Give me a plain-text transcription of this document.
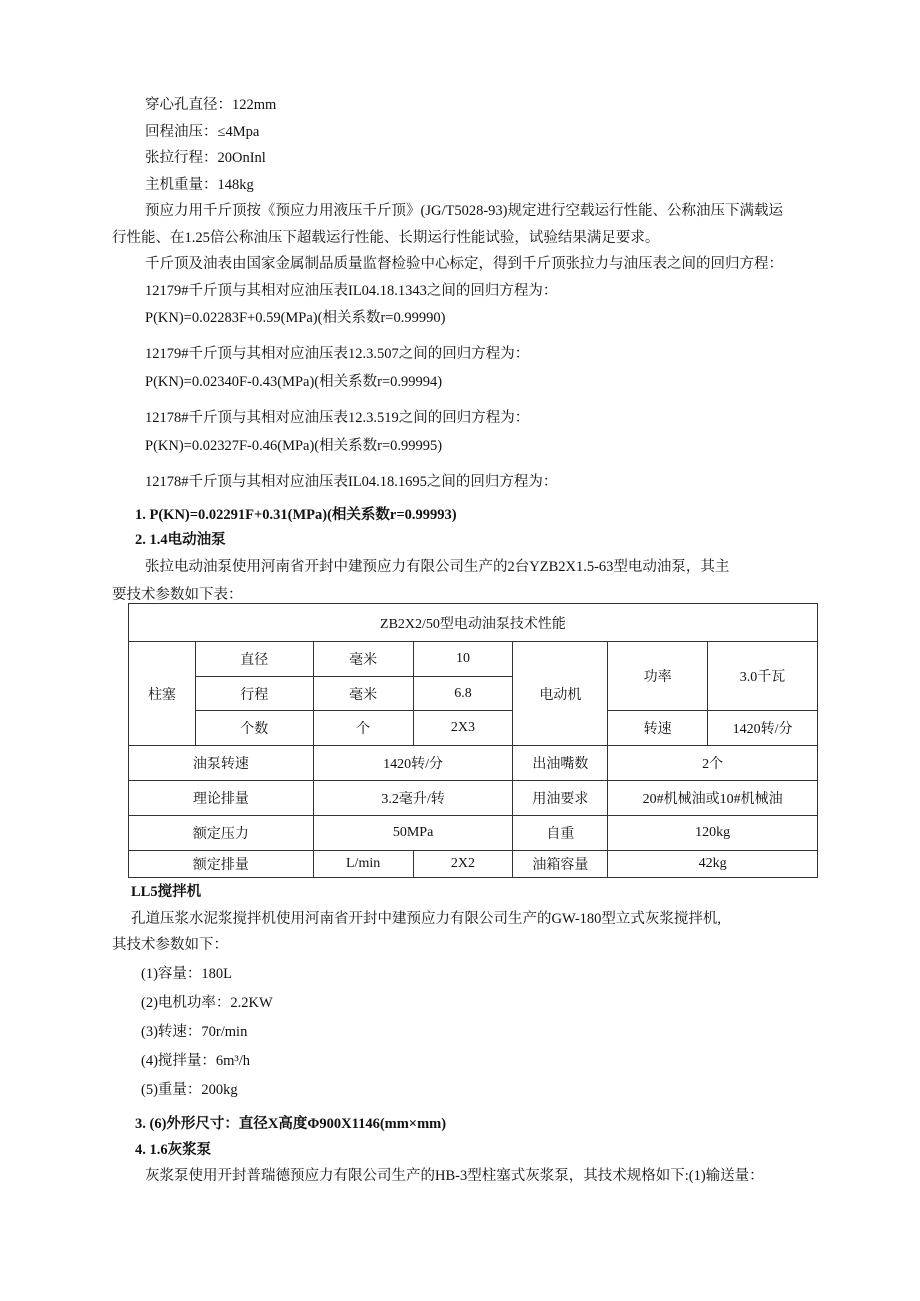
穿心孔直径：122mm
回程油压：≤4Mpa
张拉行程：20OnInl
主机重量：148kg
预应力用千斤顶按《预应力用液压千斤顶》(JG/T5028-93)规定进行空载运行性能、公称油压下满载运
行性能、在1.25倍公称油压下超载运行性能、长期运行性能试验，试验结果满足要求。
千斤顶及油表由国家金属制品质量监督检验中心标定，得到千斤顶张拉力与油压表之间的回归方程：
12179#千斤顶与其相对应油压表IL04.18.1343之间的回归方程为：
P(KN)=0.02283F+0.59(MPa)(相关系数r=0.99990)
12179#千斤顶与其相对应油压表12.3.507之间的回归方程为：
P(KN)=0.02340F-0.43(MPa)(相关系数r=0.99994)
12178#千斤顶与其相对应油压表12.3.519之间的回归方程为：
P(KN)=0.02327F-0.46(MPa)(相关系数r=0.99995)
12178#千斤顶与其相对应油压表IL04.18.1695之间的回归方程为：
1. P(KN)=0.02291F+0.31(MPa)(相关系数r=0.99993)
2. 1.4电动油泵
张拉电动油泵使用河南省开封中建预应力有限公司生产的2台YZB2X1.5-63型电动油泵，其主
要技术参数如下表：
ZB2X2/50型电动油泵技术性能						
柱塞	直径	毫米	10	电动机	功率	3.0千瓦
	行程	毫米	6.8			
	个数	个	2X3		转速	1420转/分
油泵转速		1420转/分		出油嘴数	2个	
理论排量		3.2毫升/转		用油要求	20#机械油或10#机械油	
额定压力		50MPa		自重	120kg	
额定排量		L/min	2X2	油箱容量	42kg	
LL5搅拌机
孔道压浆水泥浆搅拌机使用河南省开封中建预应力有限公司生产的GW-180型立式灰浆搅拌机,
其技术参数如下：
(1)容量：180L
(2)电机功率：2.2KW
(3)转速：70r/min
(4)搅拌量：6m³/h
(5)重量：200kg
3. (6)外形尺寸：直径X高度Φ900X1146(mm×mm)
4. 1.6灰浆泵
灰浆泵使用开封普瑞德预应力有限公司生产的HB-3型柱塞式灰浆泵，其技术规格如下:(1)输送量：
